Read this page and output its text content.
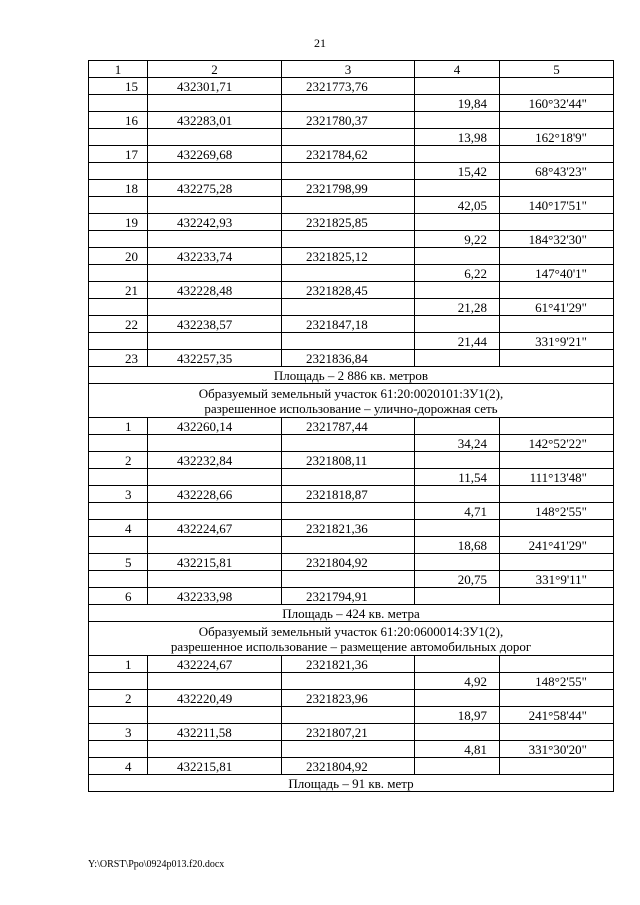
21
1	2	3	4	5
15	432301,71	2321773,76		
			19,84	160°32'44"
16	432283,01	2321780,37		
			13,98	162°18'9"
17	432269,68	2321784,62		
			15,42	68°43'23"
18	432275,28	2321798,99		
			42,05	140°17'51"
19	432242,93	2321825,85		
			9,22	184°32'30"
20	432233,74	2321825,12		
			6,22	147°40'1"
21	432228,48	2321828,45		
			21,28	61°41'29"
22	432238,57	2321847,18		
			21,44	331°9'21"
23	432257,35	2321836,84		

Площадь – 2 886 кв. метров				

Образуемый земельный участок 61:20:0020101:ЗУ1(2),
разрешенное использование – улично-дорожная сеть				

1	432260,14	2321787,44		
			34,24	142°52'22"
2	432232,84	2321808,11		
			11,54	111°13'48"
3	432228,66	2321818,87		
			4,71	148°2'55"
4	432224,67	2321821,36		
			18,68	241°41'29"
5	432215,81	2321804,92		
			20,75	331°9'11"
6	432233,98	2321794,91		

Площадь – 424 кв. метра				

Образуемый земельный участок 61:20:0600014:ЗУ1(2),
разрешенное использование – размещение автомобильных дорог				

1	432224,67	2321821,36		
			4,92	148°2'55"
2	432220,49	2321823,96		
			18,97	241°58'44"
3	432211,58	2321807,21		
			4,81	331°30'20"
4	432215,81	2321804,92		

Площадь – 91 кв. метр				
Y:\ORST\Ppo\0924p013.f20.docx
